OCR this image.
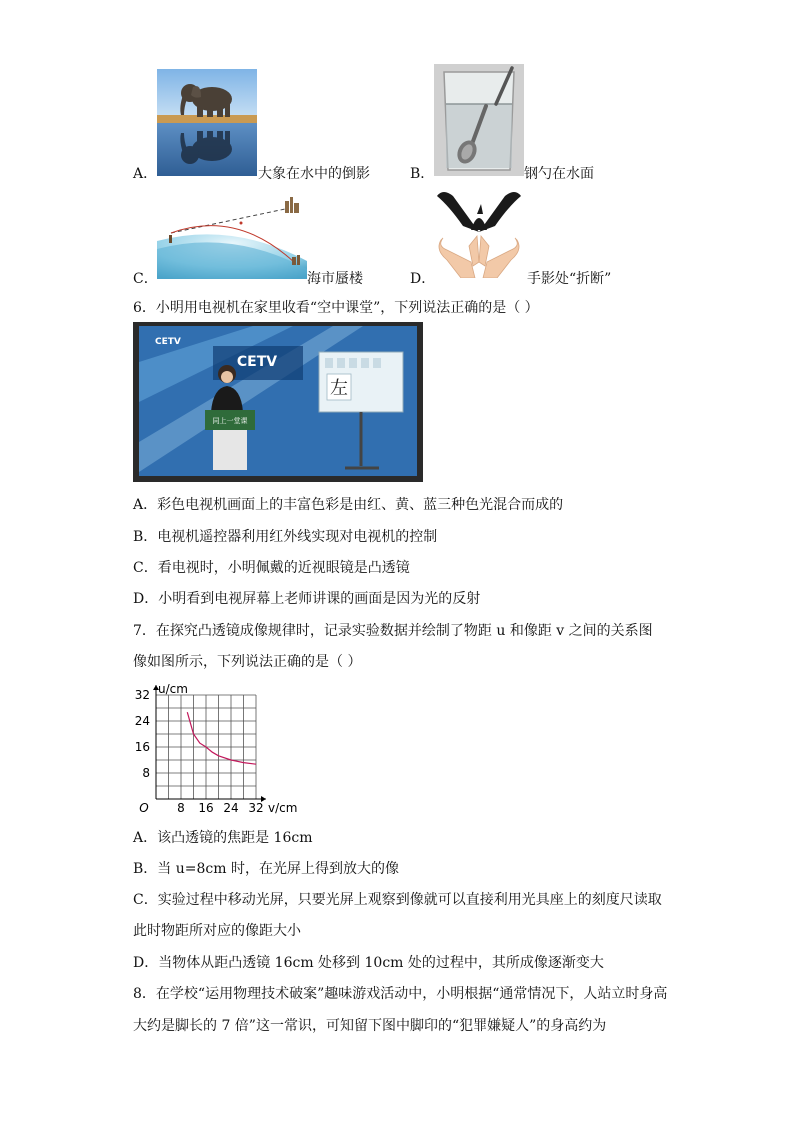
A．	大象在水中的倒影	B．	钢勺在水面
C．	海市蜃楼	D．	手影处“折断”
6．小明用电视机在家里收看“空中课堂”，下列说法正确的是（ ）
CETV
CETV
同上一堂课
左
A．彩色电视机画面上的丰富色彩是由红、黄、蓝三种色光混合而成的
B．电视机遥控器利用红外线实现对电视机的控制
C．看电视时，小明佩戴的近视眼镜是凸透镜
D．小明看到电视屏幕上老师讲课的画面是因为光的反射
7．在探究凸透镜成像规律时，记录实验数据并绘制了物距 u 和像距 v 之间的关系图
像如图所示，下列说法正确的是（ ）
8 16 24 32
8
16
24
32
O	v/cm
u/cm
A．该凸透镜的焦距是 16cm
B．当 u=8cm 时，在光屏上得到放大的像
C．实验过程中移动光屏，只要光屏上观察到像就可以直接利用光具座上的刻度尺读取
此时物距所对应的像距大小
D．当物体从距凸透镜 16cm 处移到 10cm 处的过程中，其所成像逐渐变大
8．在学校“运用物理技术破案”趣味游戏活动中，小明根据“通常情况下，人站立时身高
大约是脚长的 7 倍”这一常识，可知留下图中脚印的“犯罪嫌疑人”的身高约为
